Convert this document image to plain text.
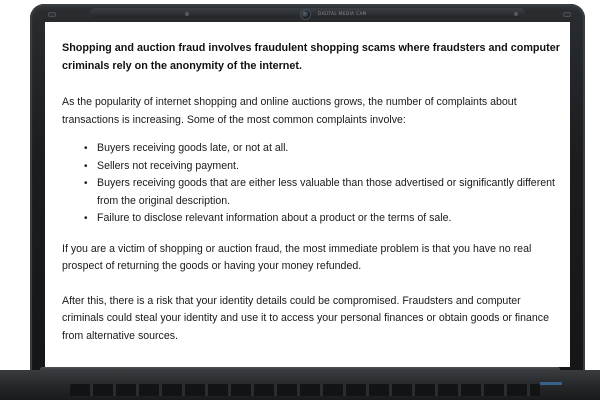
DIGITAL MEDIA CAM

Shopping and auction fraud involves fraudulent shopping scams where fraudsters and computer criminals rely on the anonymity of the internet.

As the popularity of internet shopping and online auctions grows, the number of complaints about transactions is increasing. Some of the most common complaints involve:

• Buyers receiving goods late, or not at all.
• Sellers not receiving payment.
• Buyers receiving goods that are either less valuable than those advertised or significantly different from the original description.
• Failure to disclose relevant information about a product or the terms of sale.

If you are a victim of shopping or auction fraud, the most immediate problem is that you have no real prospect of returning the goods or having your money refunded.

After this, there is a risk that your identity details could be compromised. Fraudsters and computer criminals could steal your identity and use it to access your personal finances or obtain goods or finance from alternative sources.
